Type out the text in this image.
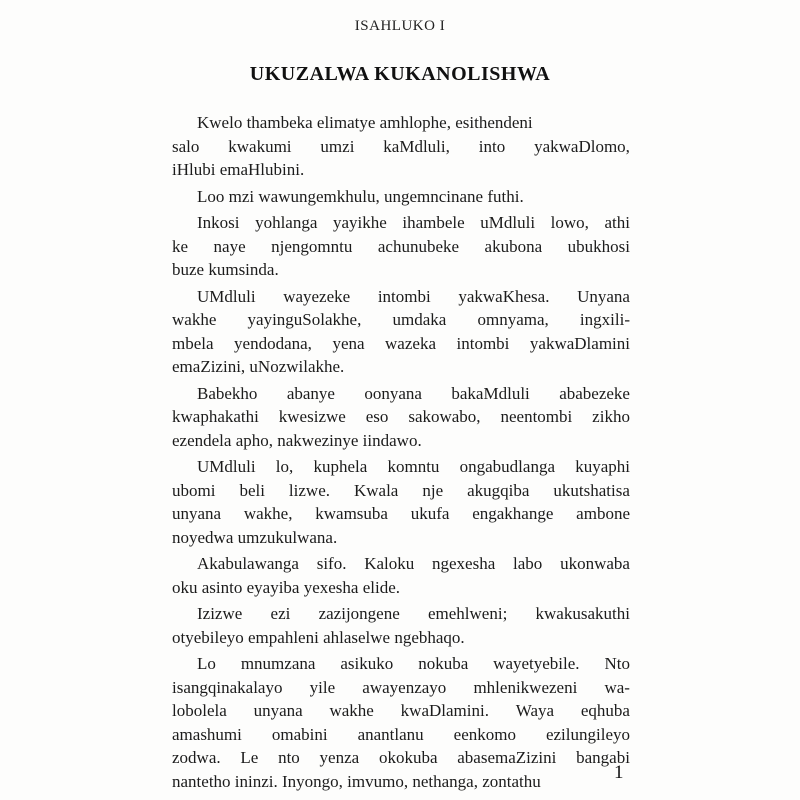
ISAHLUKO I
UKUZALWA KUKANOLISHWA
Kwelo thambeka elimatye amhlophe, esithendeni
salo kwakumi umzi kaMdluli, into yakwaDlomo,
iHlubi emaHlubini.
Loo mzi wawungemkhulu, ungemncinane futhi.
Inkosi yohlanga yayikhe ihambele uMdluli lowo, athi
ke naye njengomntu achunubeke akubona ubukhosi
buze kumsinda.
UMdluli wayezeke intombi yakwaKhesa. Unyana
wakhe yayinguSolakhe, umdaka omnyama, ingxili-
mbela yendodana, yena wazeka intombi yakwaDlamini
emaZizini, uNozwilakhe.
Babekho abanye oonyana bakaMdluli ababezeke
kwaphakathi kwesizwe eso sakowabo, neentombi zikho
ezendela apho, nakwezinye iindawo.
UMdluli lo, kuphela komntu ongabudlanga kuyaphi
ubomi beli lizwe. Kwala nje akugqiba ukutshatisa
unyana wakhe, kwamsuba ukufa engakhange ambone
noyedwa umzukulwana.
Akabulawanga sifo. Kaloku ngexesha labo ukonwaba
oku asinto eyayiba yexesha elide.
Izizwe ezi zazijongene emehlweni; kwakusakuthi
otyebileyo empahleni ahlaselwe ngebhaqo.
Lo mnumzana asikuko nokuba wayetyebile. Nto
isangqinakalayo yile awayenzayo mhlenikwezeni wa-
lobolela unyana wakhe kwaDlamini. Waya eqhuba
amashumi omabini anantlanu eenkomo ezilungileyo
zodwa. Le nto yenza okokuba abasemaZizini bangabi
nantetho ininzi. Inyongo, imvumo, nethanga, zontathu	1
